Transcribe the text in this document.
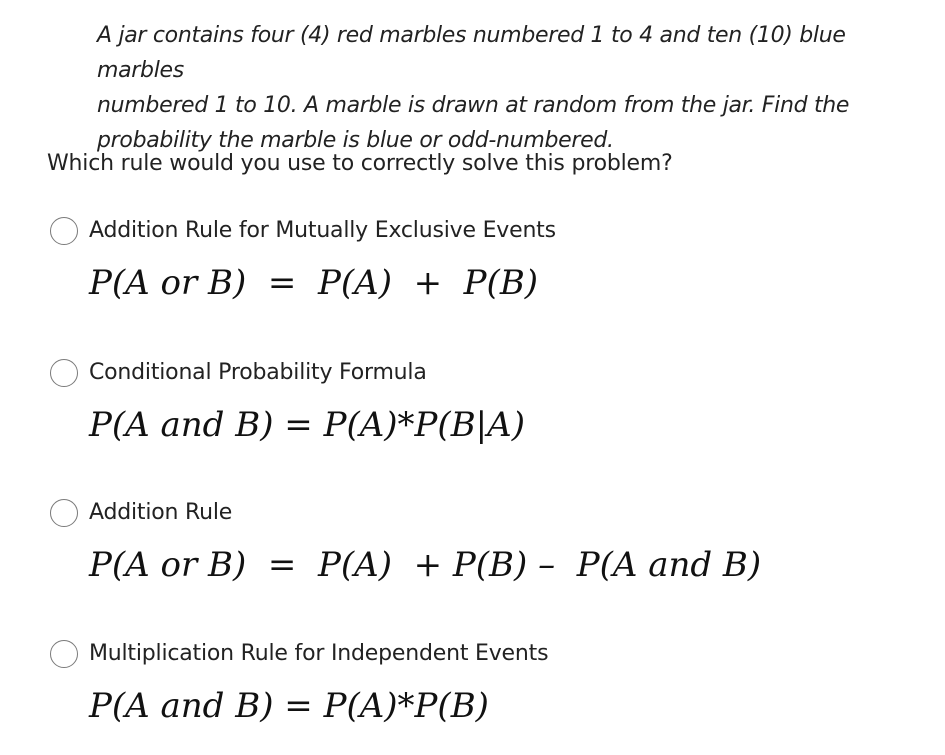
A jar contains four (4) red marbles numbered 1 to 4 and ten (10) blue marbles
numbered 1 to 10. A marble is drawn at random from the jar. Find the
probability the marble is blue or odd-numbered.
Which rule would you use to correctly solve this problem?
Addition Rule for Mutually Exclusive Events
P(A or B)  =  P(A)  +  P(B)
Conditional Probability Formula
P(A and B) = P(A)*P(B|A)
Addition Rule
P(A or B)  =  P(A)  + P(B) –  P(A and B)
Multiplication Rule for Independent Events
P(A and B) = P(A)*P(B)
